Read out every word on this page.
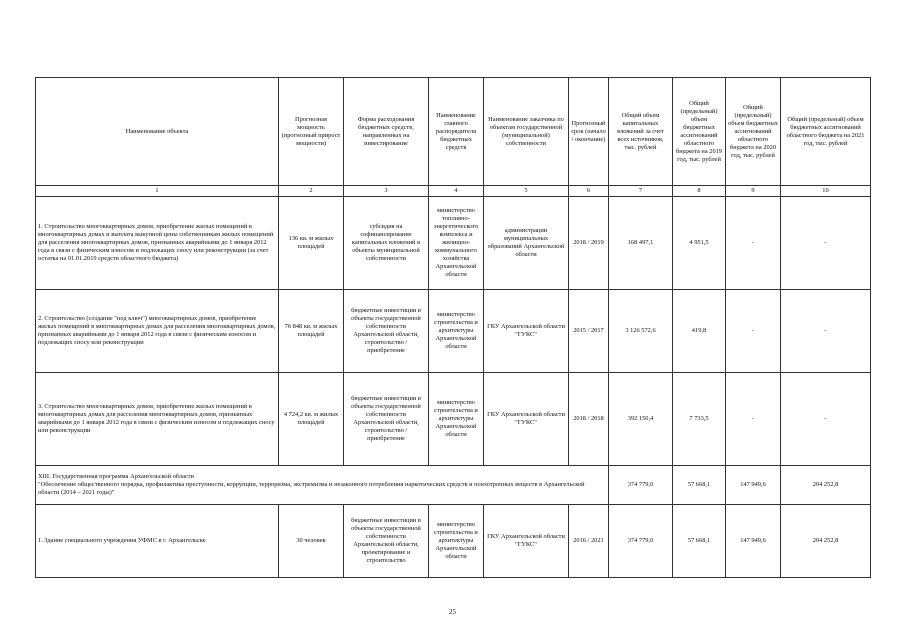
Наименование объекта	Прогнозная мощность (прогнозный прирост мощности)	Форма расходования бюджетных средств, направленных на инвестирование	Наименование главного распорядителя бюджетных средств	Наименование заказчика по объектам государственной (муниципальной) собственности	Прогнозный срок (начало / окончание)	Общий объем капитальных вложений за счет всех источников, тыс. рублей	Общий (предельный) объем бюджетных ассигнований областного бюджета на 2019 год, тыс. рублей	Общий (предельный) объем бюджетных ассигнований областного бюджета на 2020 год, тыс. рублей	Общий (предельный) объем бюджетных ассигнований областного бюджета на 2021 год, тыс. рублей
1	2	3	4	5	6	7	8	9	10
1. Строительство многоквартирных домов, приобретение жилых помещений в многоквартирных домах и выплата выкупной цены собственникам жилых помещений для расселения многоквартирных домов, признанных аварийными до 1 января 2012 года в связи с физическим износом и подлежащих сносу или реконструкции (за счет остатка на 01.01.2019 средств областного бюджета)	136 кв. м жилых площадей	субсидия на софинансирование капитальных вложений в объекты муниципальной собственности	министерство топливно-энергетического комплекса и жилищно-коммунального хозяйства Архангельской области	администрации муниципальных образований Архангельской области	2018 / 2019	168 497,1	4 951,5	-	-
2. Строительство (создание "под ключ") многоквартирных домов, приобретение жилых помещений в многоквартирных домах для расселения многоквартирных домов, признанных аварийными до 1 января 2012 года в связи с физическим износом и подлежащих сносу или реконструкции	76 848 кв. м жилых площадей	бюджетные инвестиции в объекты государственной собственности Архангельской области, строительство / приобретение	министерство строительства и архитектуры Архангельской области	ГКУ Архангельской области "ГУКС"	2015 / 2017	3 126 572,6	419,8	-	-
3. Строительство многоквартирных домов, приобретение жилых помещений в многоквартирных домах для расселения многоквартирных домов, признанных аварийными до 1 января 2012 года в связи с физическим износом и подлежащих сносу или реконструкции	4 724,2 кв. м жилых площадей	бюджетные инвестиции в объекты государственной собственности Архангельской области, строительство / приобретение	министерство строительства и архитектуры Архангельской области	ГКУ Архангельской области "ГУКС"	2018 / 2018	392 150,4	7 733,5	-	-

XIII. Государственная программа Архангельской области
"Обеспечение общественного порядка, профилактика преступности, коррупции, терроризма, экстремизма и незаконного потребления наркотических средств и психотропных веществ в Архангельской области (2014 – 2021 годы)"						374 779,0	57 668,1	147 949,6	204 252,8
1. Здание специального учреждения УФМС в г. Архангельске	30 человек	бюджетные инвестиции в объекты государственной собственности Архангельской области, проектирование и строительство	министерство строительства и архитектуры Архангельской области	ГКУ Архангельской области "ГУКС"	2016 / 2021	374 779,0	57 668,1	147 949,6	204 252,8
25
